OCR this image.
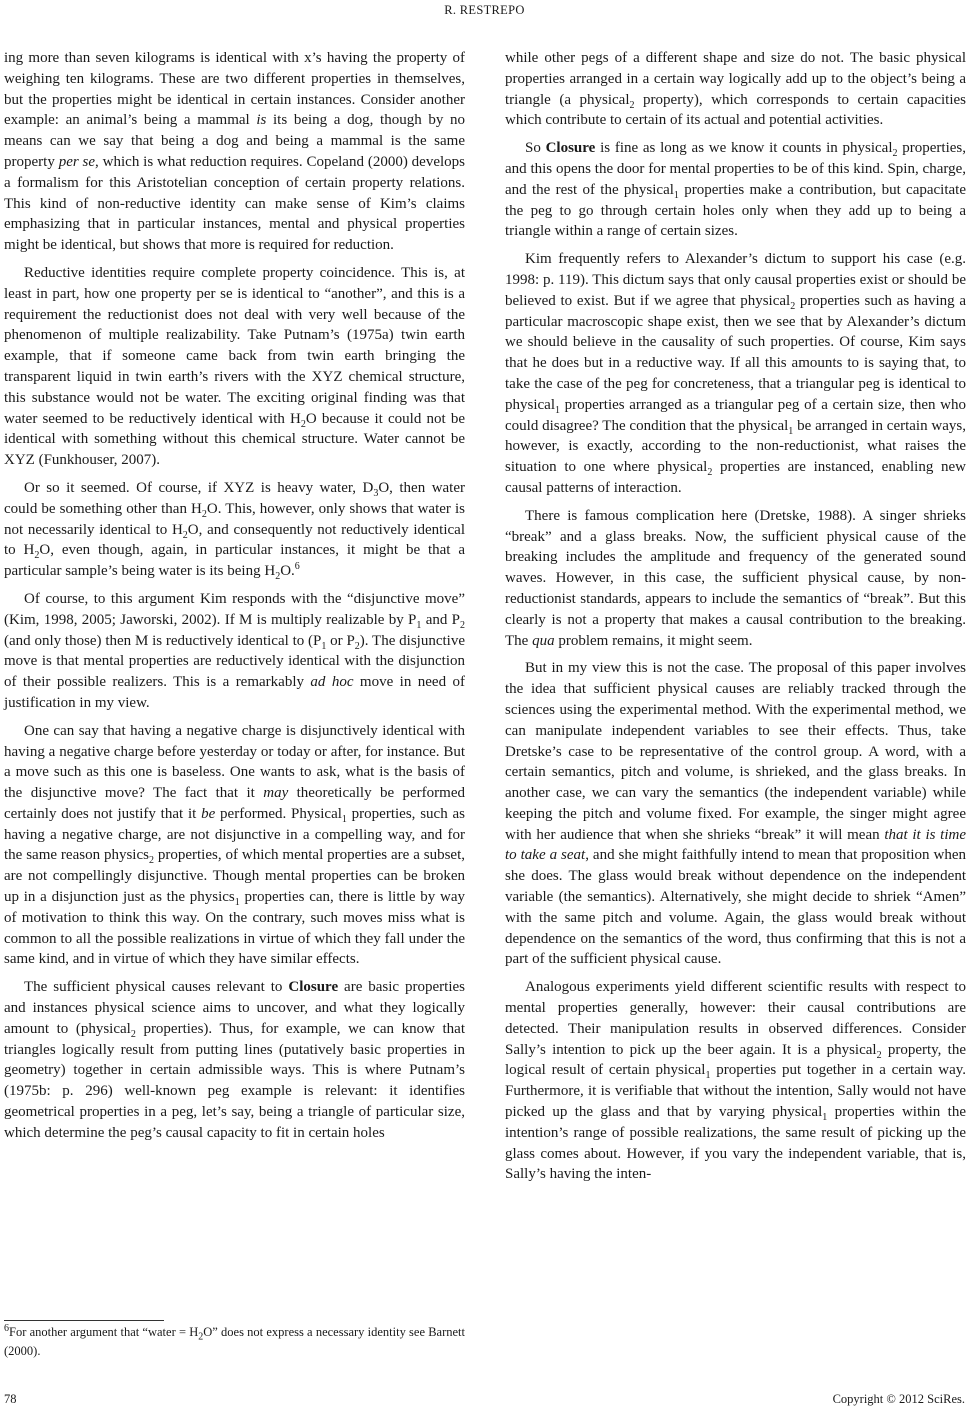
R. RESTREPO

ing more than seven kilograms is identical with x’s having the property of weighing ten kilograms. These are two different properties in themselves, but the properties might be identical in certain instances. Consider another example: an animal’s being a mammal is its being a dog, though by no means can we say that being a dog and being a mammal is the same property per se, which is what reduction requires. Copeland (2000) develops a formalism for this Aristotelian conception of certain property relations. This kind of non-reductive identity can make sense of Kim’s claims emphasizing that in particular instances, mental and physical properties might be identical, but shows that more is required for reduction.

Reductive identities require complete property coincidence. This is, at least in part, how one property per se is identical to “another”, and this is a requirement the reductionist does not deal with very well because of the phenomenon of multiple realizability. Take Putnam’s (1975a) twin earth example, that if someone came back from twin earth bringing the transparent liquid in twin earth’s rivers with the XYZ chemical structure, this substance would not be water. The exciting original finding was that water seemed to be reductively identical with $H_2O$ because it could not be identical with something without this chemical structure. Water cannot be XYZ (Funkhouser, 2007).

Or so it seemed. Of course, if XYZ is heavy water, $D_3O$, then water could be something other than $H_2O$. This, however, only shows that water is not necessarily identical to $H_2O$, and consequently not reductively identical to $H_2O$, even though, again, in particular instances, it might be that a particular sample’s being water is its being $H_2O.^6$

Of course, to this argument Kim responds with the “disjunctive move” (Kim, 1998, 2005; Jaworski, 2002). If M is multiply realizable by $P_1$ and $P_2$ (and only those) then M is reductively identical to ($P_1$ or $P_2$). The disjunctive move is that mental properties are reductively identical with the disjunction of their possible realizers. This is a remarkably ad hoc move in need of justification in my view.

One can say that having a negative charge is disjunctively identical with having a negative charge before yesterday or today or after, for instance. But a move such as this one is baseless. One wants to ask, what is the basis of the disjunctive move? The fact that it may theoretically be performed certainly does not justify that it be performed. Physical$_1$ properties, such as having a negative charge, are not disjunctive in a compelling way, and for the same reason physics$_2$ properties, of which mental properties are a subset, are not compellingly disjunctive. Though mental properties can be broken up in a disjunction just as the physics$_1$ properties can, there is little by way of motivation to think this way. On the contrary, such moves miss what is common to all the possible realizations in virtue of which they fall under the same kind, and in virtue of which they have similar effects.

The sufficient physical causes relevant to Closure are basic properties and instances physical science aims to uncover, and what they logically amount to (physical$_2$ properties). Thus, for example, we can know that triangles logically result from putting lines (putatively basic properties in geometry) together in certain admissible ways. This is where Putnam’s (1975b: p. 296) well-known peg example is relevant: it identifies geometrical properties in a peg, let’s say, being a triangle of particular size, which determine the peg’s causal capacity to fit in certain holes

while other pegs of a different shape and size do not. The basic physical properties arranged in a certain way logically add up to the object’s being a triangle (a physical$_2$ property), which corresponds to certain capacities which contribute to certain of its actual and potential activities.

So Closure is fine as long as we know it counts in physical$_2$ properties, and this opens the door for mental properties to be of this kind. Spin, charge, and the rest of the physical$_1$ properties make a contribution, but capacitate the peg to go through certain holes only when they add up to being a triangle within a range of certain sizes.

Kim frequently refers to Alexander’s dictum to support his case (e.g. 1998: p. 119). This dictum says that only causal properties exist or should be believed to exist. But if we agree that physical$_2$ properties such as having a particular macroscopic shape exist, then we see that by Alexander’s dictum we should believe in the causality of such properties. Of course, Kim says that he does but in a reductive way. If all this amounts to is saying that, to take the case of the peg for concreteness, that a triangular peg is identical to physical$_1$ properties arranged as a triangular peg of a certain size, then who could disagree? The condition that the physical$_1$ be arranged in certain ways, however, is exactly, according to the non-reductionist, what raises the situation to one where physical$_2$ properties are instanced, enabling new causal patterns of interaction.

There is famous complication here (Dretske, 1988). A singer shrieks “break” and a glass breaks. Now, the sufficient physical cause of the breaking includes the amplitude and frequency of the generated sound waves. However, in this case, the sufficient physical cause, by non-reductionist standards, appears to include the semantics of “break”. But this clearly is not a property that makes a causal contribution to the breaking. The qua problem remains, it might seem.

But in my view this is not the case. The proposal of this paper involves the idea that sufficient physical causes are reliably tracked through the sciences using the experimental method. With the experimental method, we can manipulate independent variables to see their effects. Thus, take Dretske’s case to be representative of the control group. A word, with a certain semantics, pitch and volume, is shrieked, and the glass breaks. In another case, we can vary the semantics (the independent variable) while keeping the pitch and volume fixed. For example, the singer might agree with her audience that when she shrieks “break” it will mean that it is time to take a seat, and she might faithfully intend to mean that proposition when she does. The glass would break without dependence on the independent variable (the semantics). Alternatively, she might decide to shriek “Amen” with the same pitch and volume. Again, the glass would break without dependence on the semantics of the word, thus confirming that this is not a part of the sufficient physical cause.

Analogous experiments yield different scientific results with respect to mental properties generally, however: their causal contributions are detected. Their manipulation results in observed differences. Consider Sally’s intention to pick up the beer again. It is a physical$_2$ property, the logical result of certain physical$_1$ properties put together in a certain way. Furthermore, it is verifiable that without the intention, Sally would not have picked up the glass and that by varying physical$_1$ properties within the intention’s range of possible realizations, the same result of picking up the glass comes about. However, if you vary the independent variable, that is, Sally’s having the inten-

$^6$For another argument that “water = $H_2O$” does not express a necessary identity see Barnett (2000).
78	Copyright © 2012 SciRes.
